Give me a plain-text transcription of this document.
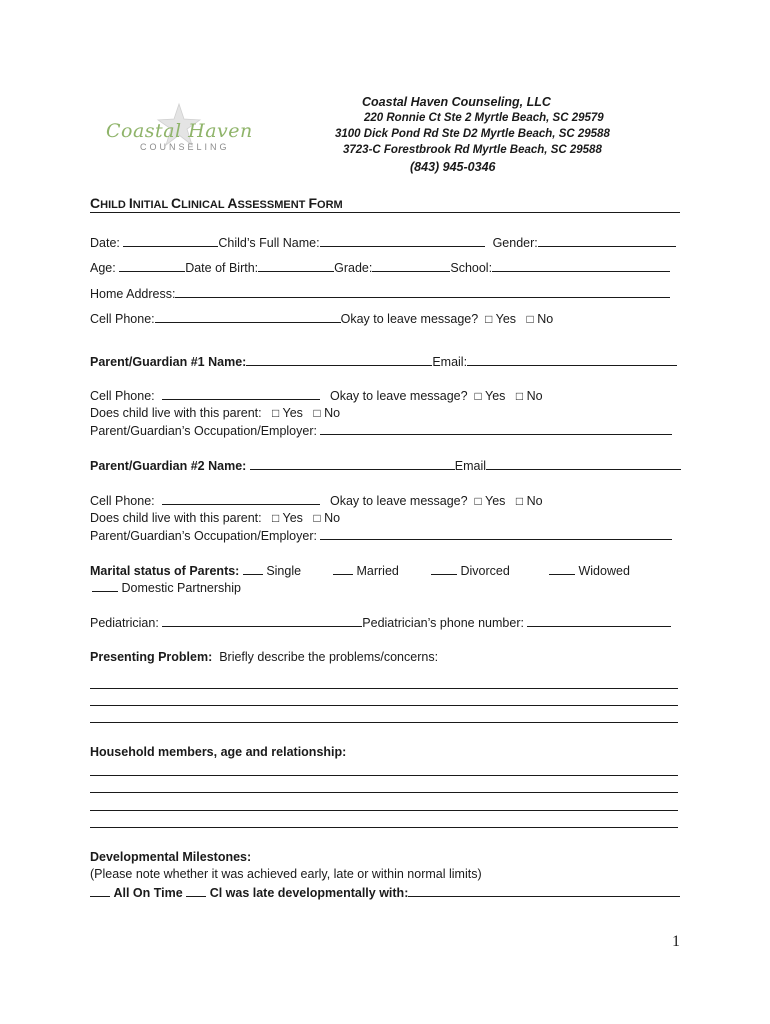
Coastal Haven
COUNSELING
Coastal Haven Counseling, LLC
220 Ronnie Ct Ste 2 Myrtle Beach, SC 29579
3100 Dick Pond Rd Ste D2 Myrtle Beach, SC 29588
3723-C Forestbrook Rd Myrtle Beach, SC 29588
(843) 945-0346
CHILD INITIAL CLINICAL ASSESSMENT FORM
Date:	Child’s Full Name:	Gender:
Age:	Date of Birth:	Grade:	School:
Home Address:
Cell Phone:	Okay to leave message? □ Yes □ No
Parent/Guardian #1 Name:	Email:
Cell Phone:	Okay to leave message? □ Yes □ No
Does child live with this parent: □ Yes □ No
Parent/Guardian’s Occupation/Employer:
Parent/Guardian #2 Name:	Email
Cell Phone:	Okay to leave message? □ Yes □ No
Does child live with this parent: □ Yes □ No
Parent/Guardian’s Occupation/Employer:
Marital status of Parents: Single	Married	Divorced	Widowed
Domestic Partnership
Pediatrician:	Pediatrician’s phone number:
Presenting Problem: Briefly describe the problems/concerns:
Household members, age and relationship:
Developmental Milestones:
(Please note whether it was achieved early, late or within normal limits)
All On Time Cl was late developmentally with:
1
